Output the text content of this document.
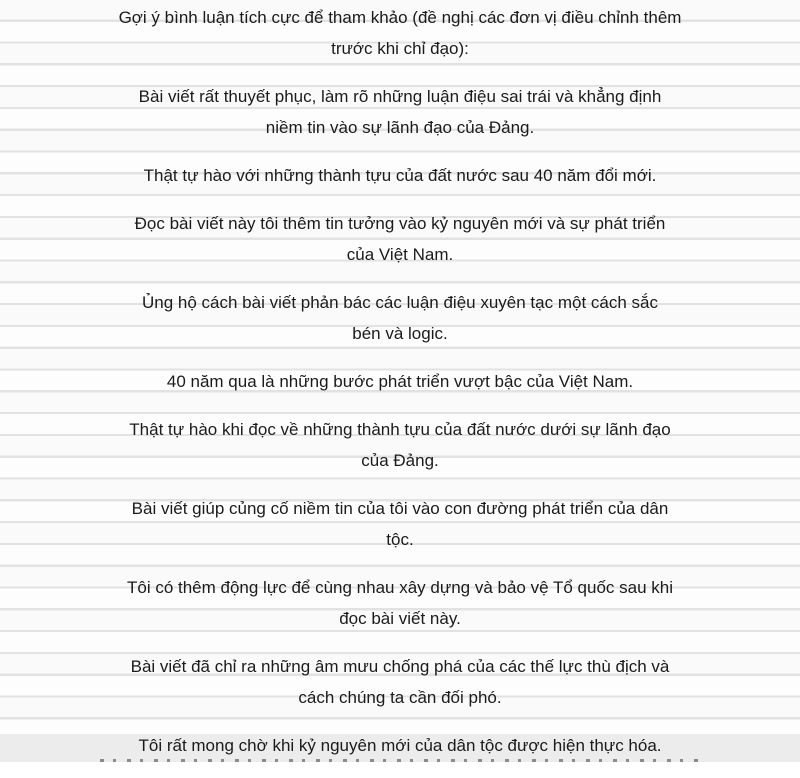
Gợi ý bình luận tích cực để tham khảo (đề nghị các đơn vị điều chỉnh thêm
trước khi chỉ đạo):
Bài viết rất thuyết phục, làm rõ những luận điệu sai trái và khẳng định
niềm tin vào sự lãnh đạo của Đảng.
Thật tự hào với những thành tựu của đất nước sau 40 năm đổi mới.
Đọc bài viết này tôi thêm tin tưởng vào kỷ nguyên mới và sự phát triển
của Việt Nam.
Ủng hộ cách bài viết phản bác các luận điệu xuyên tạc một cách sắc
bén và logic.
40 năm qua là những bước phát triển vượt bậc của Việt Nam.
Thật tự hào khi đọc về những thành tựu của đất nước dưới sự lãnh đạo
của Đảng.
Bài viết giúp củng cố niềm tin của tôi vào con đường phát triển của dân
tộc.
Tôi có thêm động lực để cùng nhau xây dựng và bảo vệ Tổ quốc sau khi
đọc bài viết này.
Bài viết đã chỉ ra những âm mưu chống phá của các thế lực thù địch và
cách chúng ta cần đối phó.
Tôi rất mong chờ khi kỷ nguyên mới của dân tộc được hiện thực hóa.
